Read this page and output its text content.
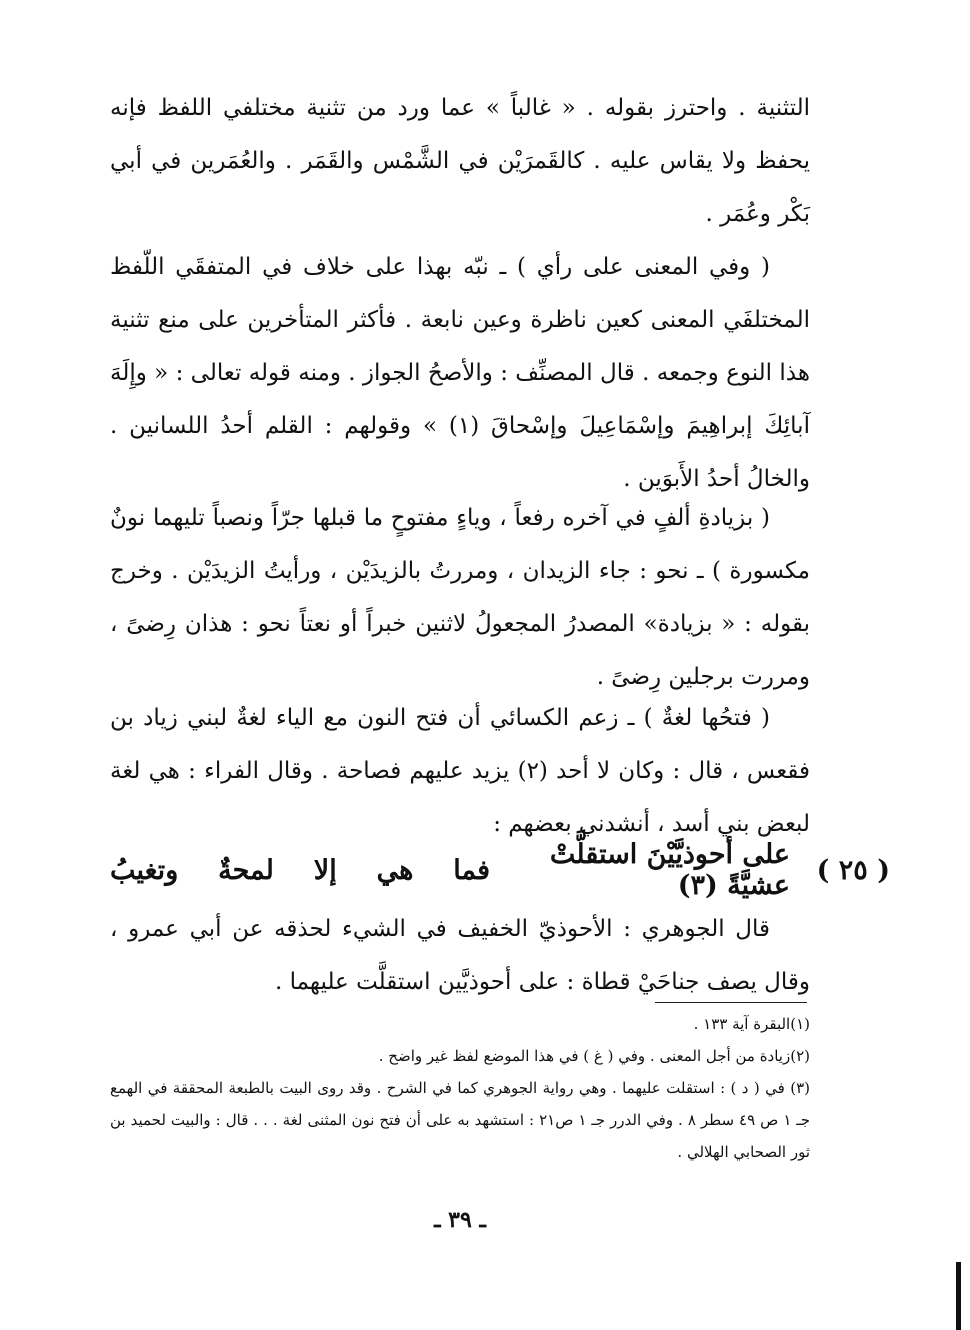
التثنية . واحترز بقوله . « غالباً » عما ورد من تثنية مختلفي اللفظ فإنه يحفظ ولا يقاس عليه . كالقَمرَيْن في الشَّمْس والقَمَر . والعُمَرين في أبي بَكْر وعُمَر .

( وفي المعنى على رأي ) ـ نبّه بهذا على خلاف في المتفقَي اللّفظ المختلفَي المعنى كعين ناظرة وعين نابعة . فأكثر المتأخرين على منع تثنية هذا النوع وجمعه . قال المصنِّف : والأصحُ الجواز . ومنه قوله تعالى : « وإِلَهَ آبائِكَ إبراهِيمَ وإسْمَاعِيلَ وإسْحاقَ (١) » وقولهم : القلم أحدُ اللسانين . والخالُ أحدُ الأَبوَين .

( بزيادةِ ألفٍ في آخره رفعاً ، وياءٍ مفتوحٍ ما قبلها جرّاً ونصباً تليهما نونٌ مكسورة ) ـ نحو : جاء الزيدان ، ومررتُ بالزيدَيْن ، ورأيتُ الزيدَيْن . وخرج بقوله : « بزيادة» المصدرُ المجعولُ لاثنين خبراً أو نعتاً نحو : هذان رِضىً ، ومررت برجلين رِضىً .

( فتحُها لغةٌ ) ـ زعم الكسائي أن فتح النون مع الياء لغةٌ لبني زياد بن فقعس ، قال : وكان لا أحد (٢) يزيد عليهم فصاحة . وقال الفراء : هي لغة لبعض بني أسد ، أنشدني بعضهم :

( ٢٥ )
على أحوذيَّيْنَ استقلَّتْ عشيَّةً (٣)
فما هي إلا لمحةٌ وتغيبُ

قال الجوهري : الأحوذيّ الخفيف في الشيء لحذقه عن أبي عمرو ، وقال يصف جناحَيْ قطاة : على أحوذيَّين استقلَّت عليهما .

(١)البقرة آية ١٣٣ .

(٢)زيادة من أجل المعنى . وفي ( غ ) في هذا الموضع لفظ غير واضح .

(٣) في ( د ) : استقلت عليهما . وهي رواية الجوهري كما في الشرح . وقد روى البيت بالطبعة المحققة في الهمع جـ ١ ص ٤٩ سطر ٨ . وفي الدرر جـ ١ ص٢١ : استشهد به على أن فتح نون المثنى لغة . . . قال : والبيت لحميد بن ثور الصحابي الهلالي .

ـ ٣٩ ـ
